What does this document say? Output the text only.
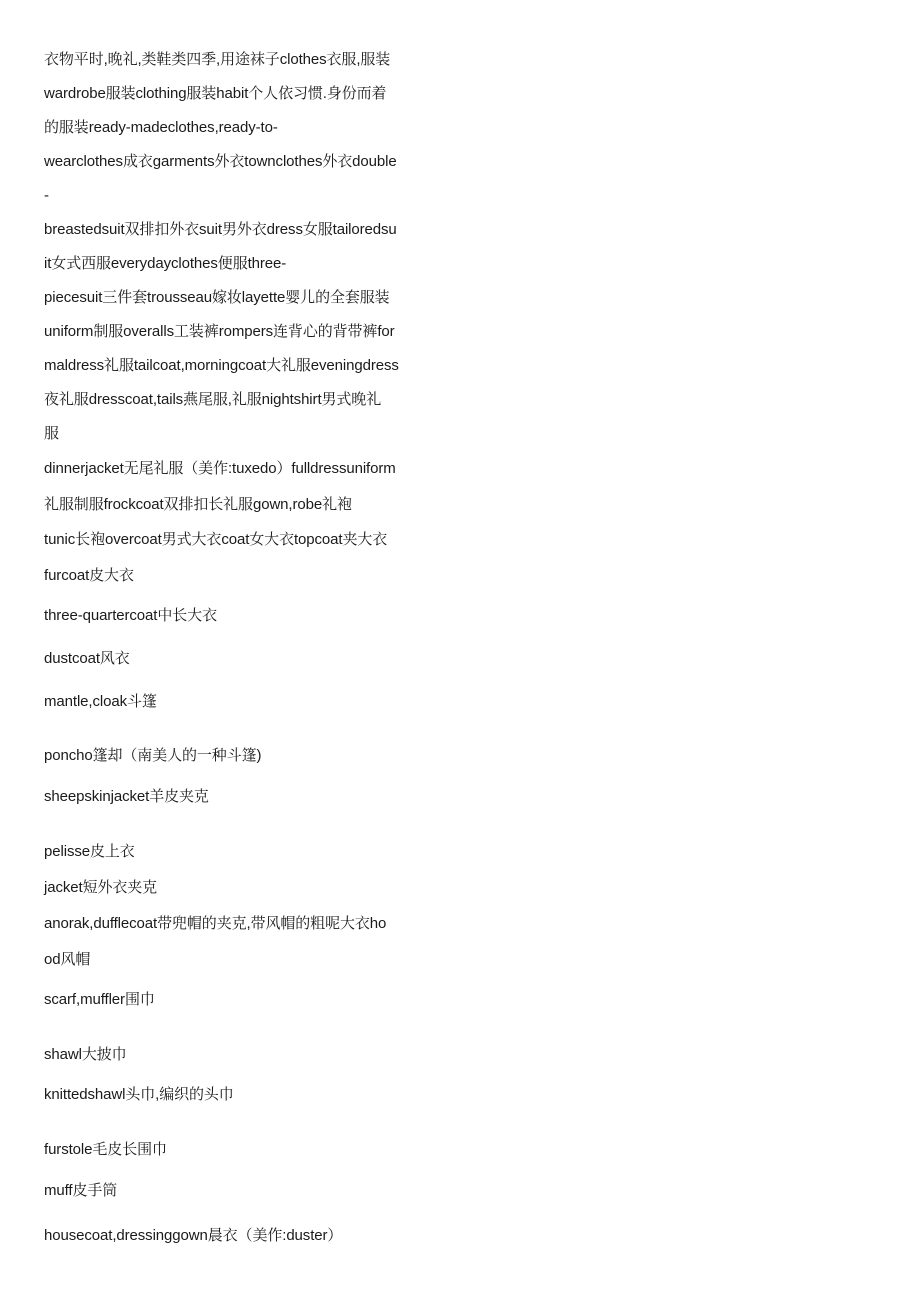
衣物平时,晚礼,类鞋类四季,用途袜子clothes衣服,服装
wardrobe服装clothing服装habit个人依习惯.身份而着
的服装ready-madeclothes,ready-to-
wearclothes成衣garments外衣townclothes外衣double
-
breastedsuit双排扣外衣suit男外衣dress女服tailoredsu
it女式西服everydayclothes便服three-
piecesuit三件套trousseau嫁妆layette婴儿的全套服装
uniform制服overalls工装裤rompers连背心的背带裤for
maldress礼服tailcoat,morningcoat大礼服eveningdress
夜礼服dresscoat,tails燕尾服,礼服nightshirt男式晚礼
服
dinnerjacket无尾礼服（美作:tuxedo）fulldressuniform
礼服制服frockcoat双排扣长礼服gown,robe礼袍
tunic长袍overcoat男式大衣coat女大衣topcoat夹大衣
furcoat皮大衣
three-quartercoat中长大衣
dustcoat风衣
mantle,cloak斗篷
poncho篷却（南美人的一种斗篷)
sheepskinjacket羊皮夹克
pelisse皮上衣
jacket短外衣夹克
anorak,dufflecoat带兜帽的夹克,带风帽的粗呢大衣ho
od风帽
scarf,muffler围巾
shawl大披巾
knittedshawl头巾,编织的头巾
furstole毛皮长围巾
muff皮手筒
housecoat,dressinggown晨衣（美作:duster）
